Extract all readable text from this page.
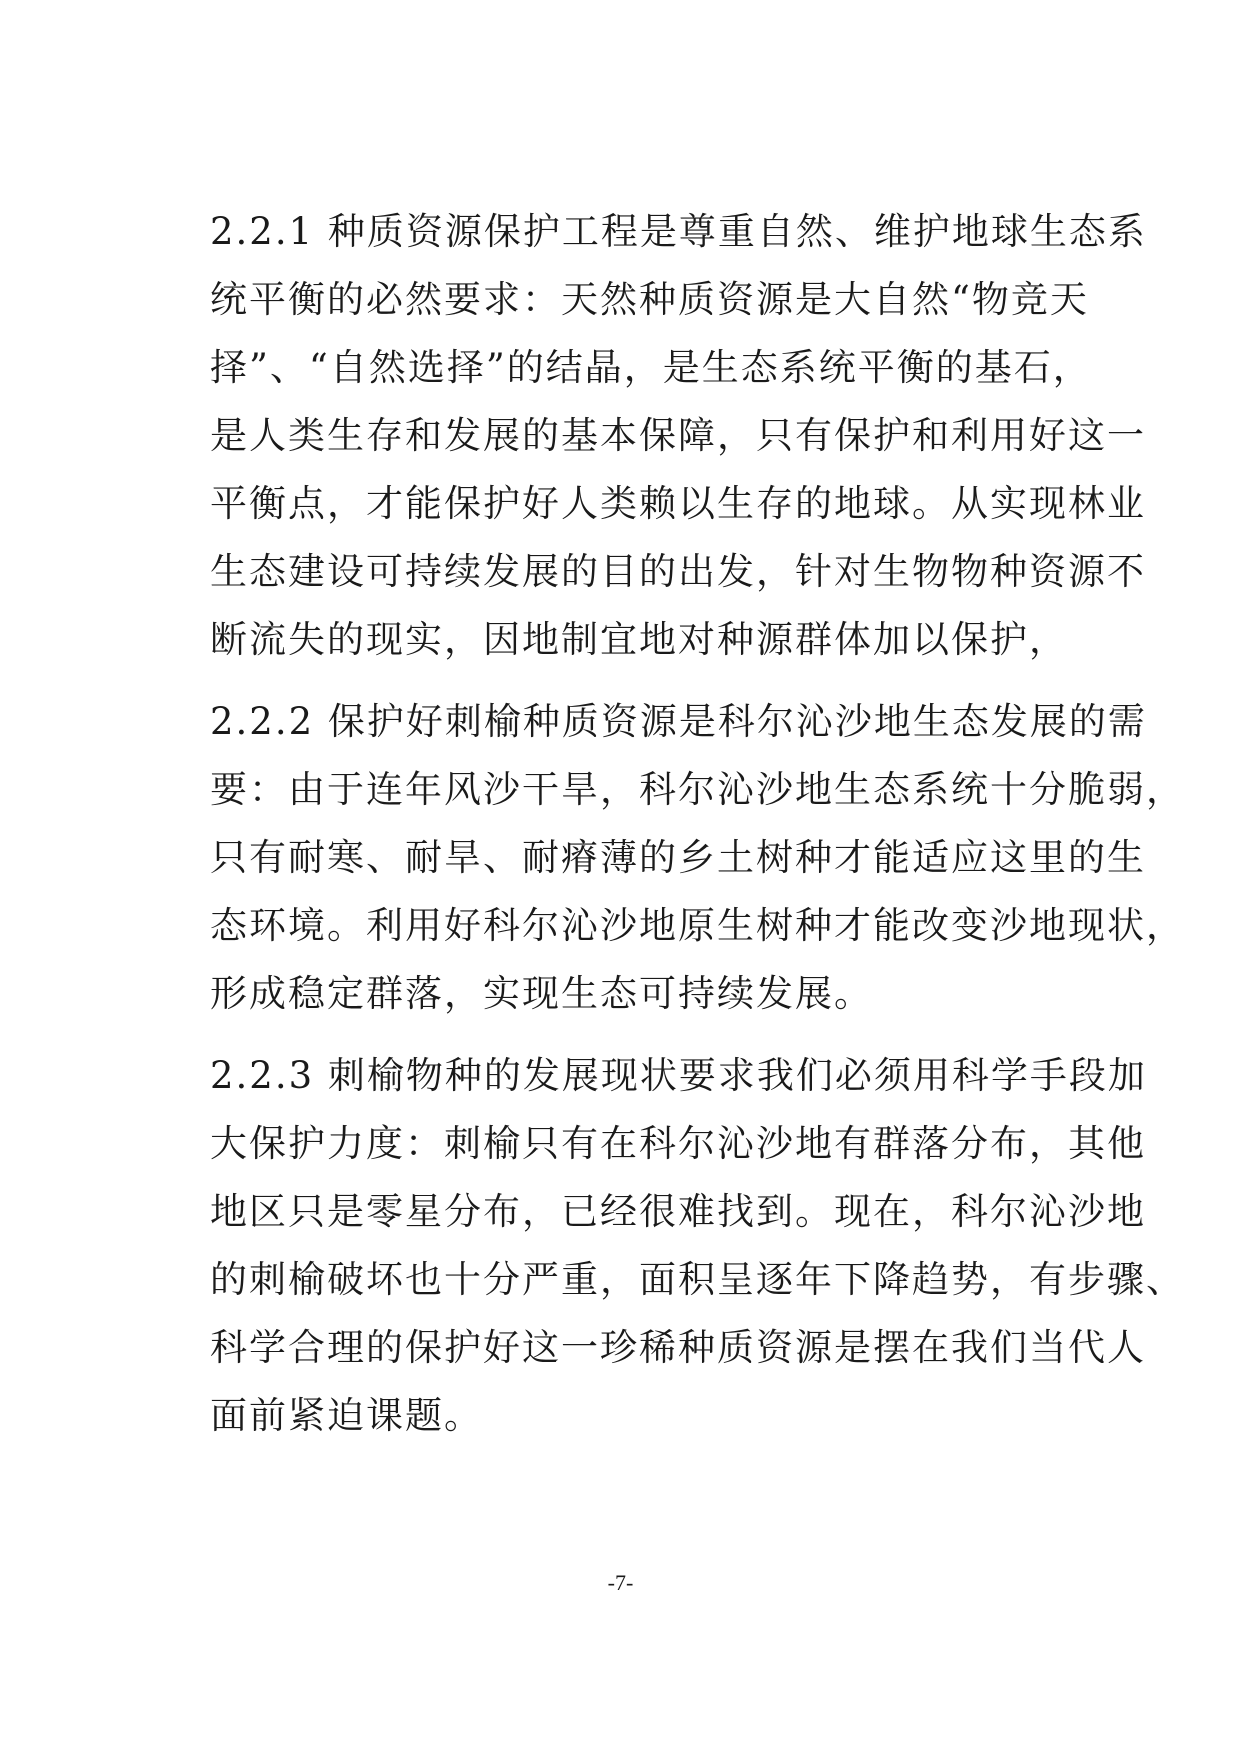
2.2.1 种质资源保护工程是尊重自然、维护地球生态系
统平衡的必然要求：天然种质资源是大自然“物竞天
择”、“自然选择”的结晶，是生态系统平衡的基石，
是人类生存和发展的基本保障，只有保护和利用好这一
平衡点，才能保护好人类赖以生存的地球。从实现林业
生态建设可持续发展的目的出发，针对生物物种资源不
断流失的现实，因地制宜地对种源群体加以保护，
2.2.2 保护好刺榆种质资源是科尔沁沙地生态发展的需
要：由于连年风沙干旱，科尔沁沙地生态系统十分脆弱，
只有耐寒、耐旱、耐瘠薄的乡土树种才能适应这里的生
态环境。利用好科尔沁沙地原生树种才能改变沙地现状，
形成稳定群落，实现生态可持续发展。
2.2.3 刺榆物种的发展现状要求我们必须用科学手段加
大保护力度：刺榆只有在科尔沁沙地有群落分布，其他
地区只是零星分布，已经很难找到。现在，科尔沁沙地
的刺榆破坏也十分严重，面积呈逐年下降趋势，有步骤、
科学合理的保护好这一珍稀种质资源是摆在我们当代人
面前紧迫课题。
-7-
